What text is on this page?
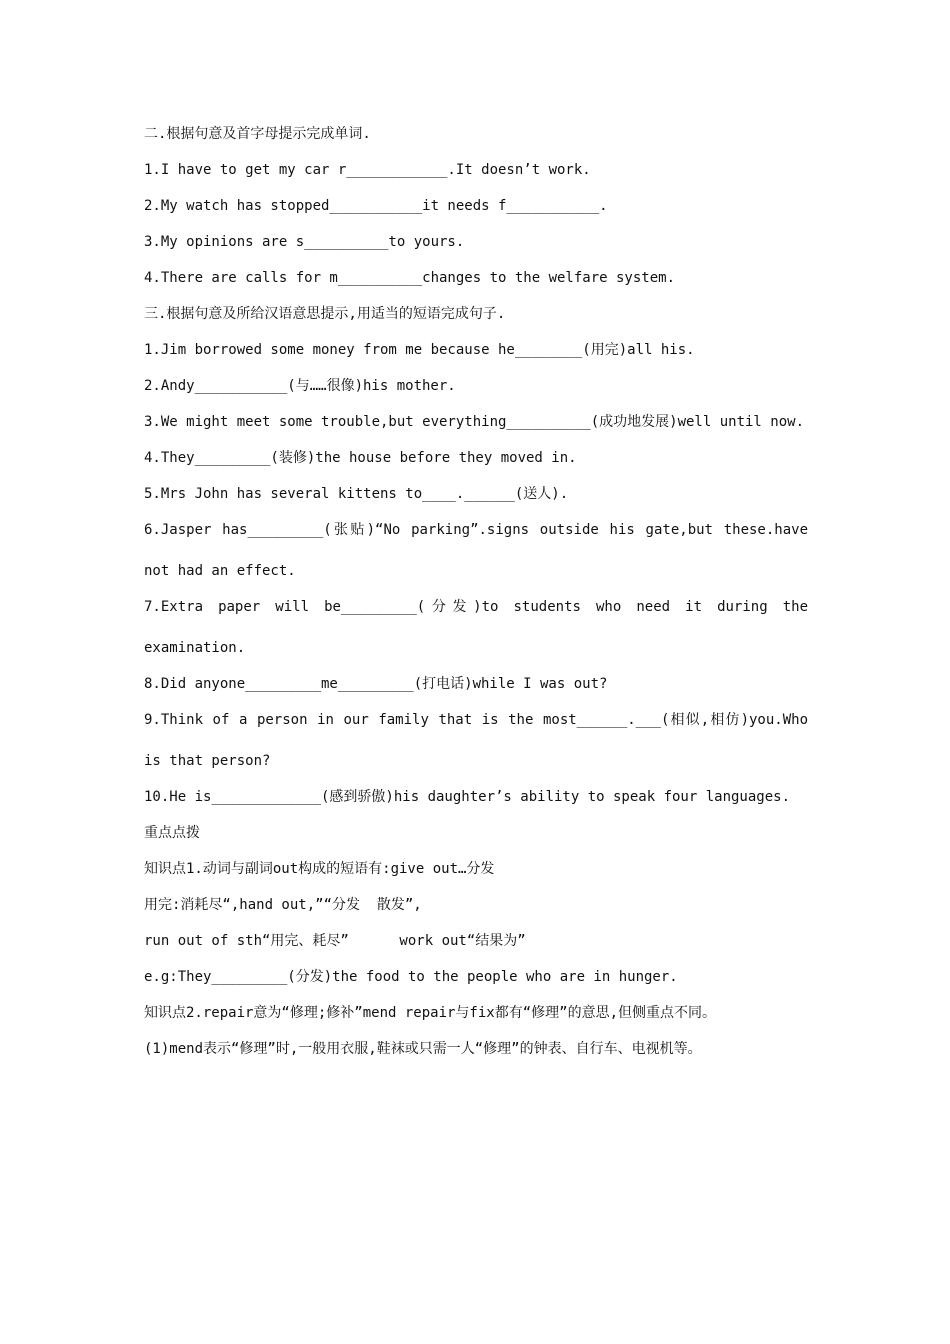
二.根据句意及首字母提示完成单词.
1.I have to get my car r____________.It doesn’t work.
2.My watch has stopped___________it needs f___________.
3.My opinions are s__________to yours.
4.There are calls for m__________changes to the welfare system.
三.根据句意及所给汉语意思提示,用适当的短语完成句子.
1.Jim borrowed some money from me because he________(用完)all his.
2.Andy___________(与……很像)his mother.
3.We might meet some trouble,but everything__________(成功地发展)well until now.
4.They_________(装修)the house before they moved in.
5.Mrs John has several kittens to____.______(送人).
6.Jasper has_________(张贴)“No parking”.signs outside his gate,but these.have not had an effect.
7.Extra paper will be_________(分发)to students who need it during the examination.
8.Did anyone_________me_________(打电话)while I was out?
9.Think of a person in our family that is the most______.___(相似,相仿)you.Who is that person?
10.He is_____________(感到骄傲)his daughter’s ability to speak four languages.
重点点拨
知识点1.动词与副词out构成的短语有:give out…分发
用完:消耗尽“,hand out,”“分发  散发”,
run out of sth“用完、耗尽”      work out“结果为”
e.g:They_________(分发)the food to the people who are in hunger.
知识点2.repair意为“修理;修补”mend repair与fix都有“修理”的意思,但侧重点不同。
(1)mend表示“修理”时,一般用衣服,鞋袜或只需一人“修理”的钟表、自行车、电视机等。
